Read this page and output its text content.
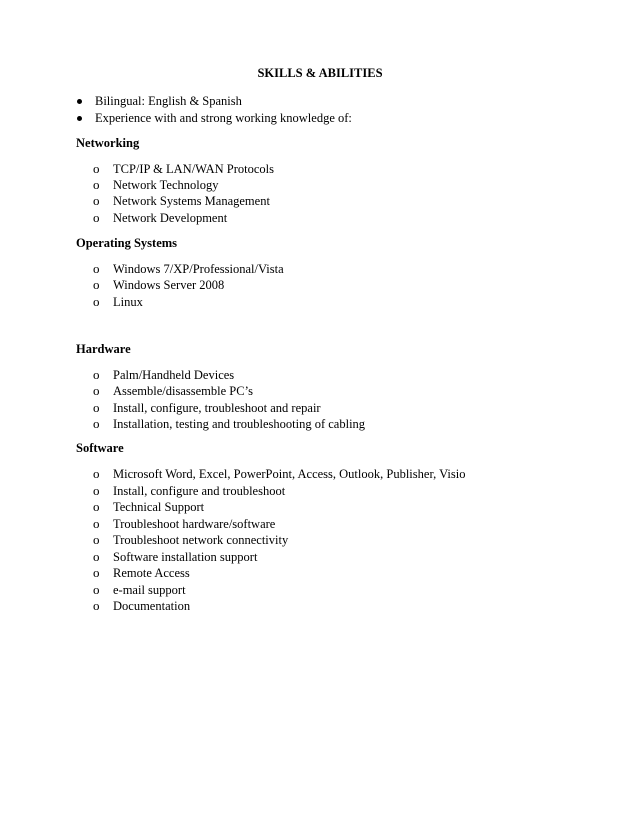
SKILLS & ABILITIES
Bilingual: English & Spanish
Experience with and strong working knowledge of:
Networking
o TCP/IP & LAN/WAN Protocols
o Network Technology
o Network Systems Management
o Network Development
Operating Systems
o Windows 7/XP/Professional/Vista
o Windows Server 2008
o Linux
Hardware
o Palm/Handheld Devices
o Assemble/disassemble PC’s
o Install, configure, troubleshoot and repair
o Installation, testing and troubleshooting of cabling
Software
o Microsoft Word, Excel, PowerPoint, Access, Outlook, Publisher, Visio
o Install, configure and troubleshoot
o Technical Support
o Troubleshoot hardware/software
o Troubleshoot network connectivity
o Software installation support
o Remote Access
o e-mail support
o Documentation
